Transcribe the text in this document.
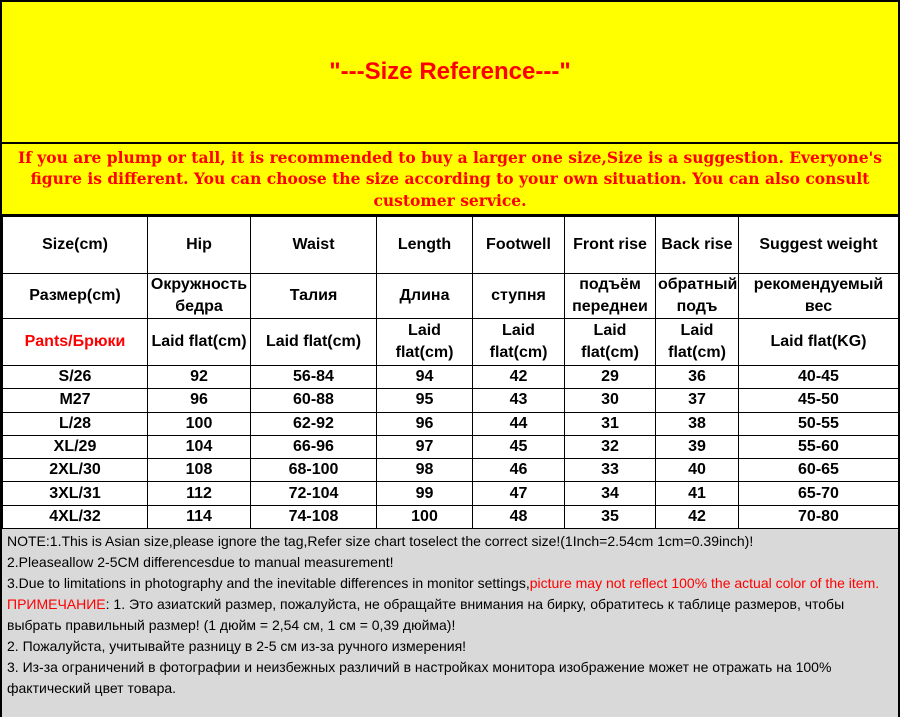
"---Size Reference---"
If you are plump or tall, it is recommended to buy a larger one size,Size is a suggestion. Everyone's figure is different. You can choose the size according to your own situation. You can also consult customer service.
Size(cm)	Hip	Waist	Length	Footwell	Front rise	Back rise	Suggest weight
Размер(cm)	Окружность бедра	Талия	Длина	ступня	подъём переднеи	обратный подъ	рекомендуемый вес
Pants/Брюки	Laid flat(cm)	Laid flat(cm)	Laid flat(cm)	Laid flat(cm)	Laid flat(cm)	Laid flat(cm)	Laid flat(KG)
S/26	92	56-84	94	42	29	36	40-45
M27	96	60-88	95	43	30	37	45-50
L/28	100	62-92	96	44	31	38	50-55
XL/29	104	66-96	97	45	32	39	55-60
2XL/30	108	68-100	98	46	33	40	60-65
3XL/31	112	72-104	99	47	34	41	65-70
4XL/32	114	74-108	100	48	35	42	70-80

NOTE:1.This is Asian size,please ignore the tag,Refer size chart toselect the correct size!(1Inch=2.54cm 1cm=0.39inch)!

2.Pleaseallow 2-5CM differencesdue to manual measurement!

3.Due to limitations in photography and the inevitable differences in monitor settings,picture may not reflect 100% the actual color of the item.

ПРИМЕЧАНИЕ: 1. Это азиатский размер, пожалуйста, не обращайте внимания на бирку, обратитесь к таблице размеров, чтобы выбрать правильный размер! (1 дюйм = 2,54 см, 1 см = 0,39 дюйма)!

2. Пожалуйста, учитывайте разницу в 2-5 см из-за ручного измерения!

3. Из-за ограничений в фотографии и неизбежных различий в настройках монитора изображение может не отражать на 100% фактический цвет товара.
